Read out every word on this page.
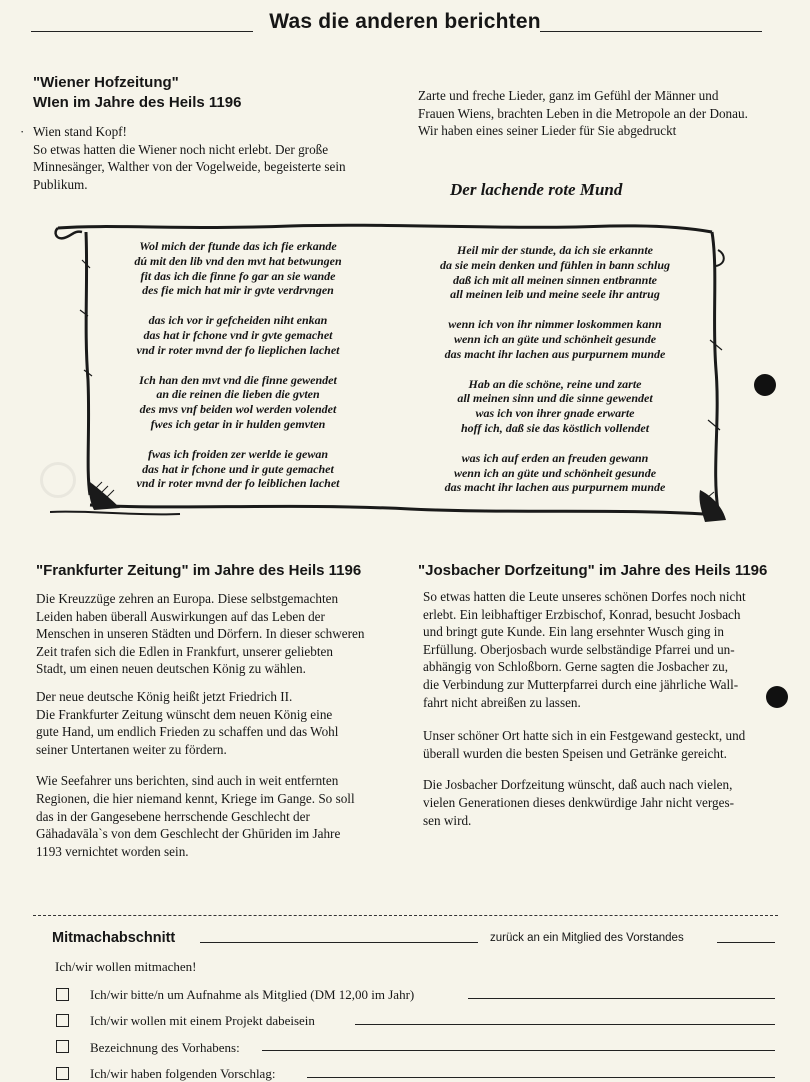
Was die anderen berichten
"Wiener Hofzeitung"
WIen im Jahre des Heils 1196
· Wien stand Kopf!

So etwas hatten die Wiener noch nicht erlebt. Der große

Minnesänger, Walther von der Vogelweide, begeisterte sein

Publikum.

Zarte und freche Lieder, ganz im Gefühl der Männer und

Frauen Wiens, brachten Leben in die Metropole an der Donau.

Wir haben eines seiner Lieder für Sie abgedruckt

Der lachende rote Mund
Wol mich der ftunde das ich fie erkande
dú mit den lib vnd den mvt hat betwungen
fit das ich die finne fo gar an sie wande
des fie mich hat mir ir gvte verdrvngen
das ich vor ir gefcheiden niht enkan
das hat ir fchone vnd ir gvte gemachet
vnd ir roter mvnd der fo lieplichen lachet
Ich han den mvt vnd die finne gewendet
an die reinen die lieben die gvten
des mvs vnf beiden wol werden volendet
fwes ich getar in ir hulden gemvten
fwas ich froiden zer werlde ie gewan
das hat ir fchone und ir gute gemachet
vnd ir roter mvnd der fo leiblichen lachet
Heil mir der stunde, da ich sie erkannte
da sie mein denken und fühlen in bann schlug
daß ich mit all meinen sinnen entbrannte
all meinen leib und meine seele ihr antrug
wenn ich von ihr nimmer loskommen kann
wenn ich an güte und schönheit gesunde
das macht ihr lachen aus purpurnem munde
Hab an die schöne, reine und zarte
all meinen sinn und die sinne gewendet
was ich von ihrer gnade erwarte
hoff ich, daß sie das köstlich vollendet
was ich auf erden an freuden gewann
wenn ich an güte und schönheit gesunde
das macht ihr lachen aus purpurnem munde
"Frankfurter Zeitung" im Jahre des Heils 1196

Die Kreuzzüge zehren an Europa. Diese selbstgemachten

Leiden haben überall Auswirkungen auf das Leben der

Menschen in unseren Städten und Dörfern. In dieser schweren

Zeit trafen sich die Edlen in Frankfurt, unserer geliebten

Stadt, um einen neuen deutschen König zu wählen.

Der neue deutsche König heißt jetzt Friedrich II.

Die Frankfurter Zeitung wünscht dem neuen König eine

gute Hand, um endlich Frieden zu schaffen und das Wohl

seiner Untertanen weiter zu fördern.

Wie Seefahrer uns berichten, sind auch in weit entfernten

Regionen, die hier niemand kennt, Kriege im Gange. So soll

das in der Gangesebene herrschende Geschlecht der

Gähadavāla`s von dem Geschlecht der Ghūriden im Jahre

1193 vernichtet worden sein.

"Josbacher Dorfzeitung" im Jahre des Heils 1196

So etwas hatten die Leute unseres schönen Dorfes noch nicht

erlebt. Ein leibhaftiger Erzbischof, Konrad, besucht Josbach

und bringt gute Kunde. Ein lang ersehnter Wusch ging in

Erfüllung. Oberjosbach wurde selbständige Pfarrei und un-

abhängig von Schloßborn. Gerne sagten die Josbacher zu,

die Verbindung zur Mutterpfarrei durch eine jährliche Wall-

fahrt nicht abreißen zu lassen.

Unser schöner Ort hatte sich in ein Festgewand gesteckt, und

überall wurden die besten Speisen und Getränke gereicht.

Die Josbacher Dorfzeitung wünscht, daß auch nach vielen,

vielen Generationen dieses denkwürdige Jahr nicht verges-

sen wird.

Mitmachabschnitt	zurück an ein Mitglied des Vorstandes
Ich/wir wollen mitmachen!
Ich/wir bitte/n um Aufnahme als Mitglied (DM 12,00 im Jahr)
Ich/wir wollen mit einem Projekt dabeisein
Bezeichnung des Vorhabens:
Ich/wir haben folgenden Vorschlag:
